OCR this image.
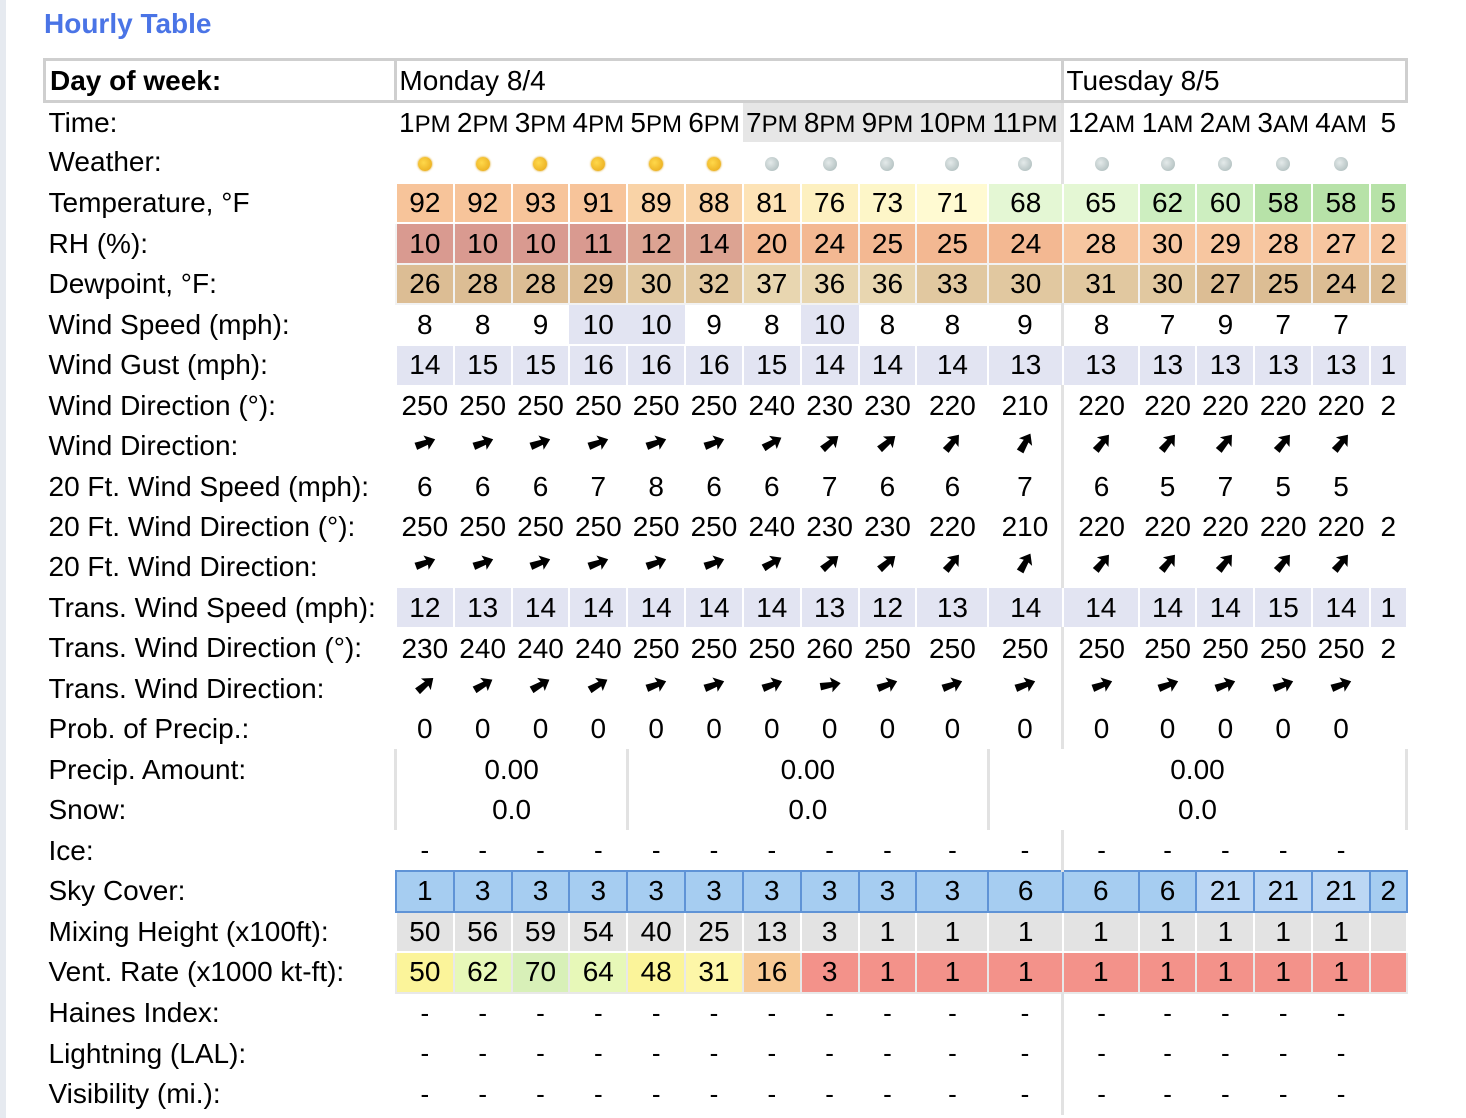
Hourly Table
Day of week:	Monday 8/4											Tuesday 8/5					
Time:	1PM	2PM	3PM	4PM	5PM	6PM	7PM	8PM	9PM	10PM	11PM	12AM	1AM	2AM	3AM	4AM	5
Weather:																	
Temperature, °F	92	92	93	91	89	88	81	76	73	71	68	65	62	60	58	58	5
RH (%):	10	10	10	11	12	14	20	24	25	25	24	28	30	29	28	27	2
Dewpoint, °F:	26	28	28	29	30	32	37	36	36	33	30	31	30	27	25	24	2
Wind Speed (mph):	8	8	9	10	10	9	8	10	8	8	9	8	7	9	7	7	
Wind Gust (mph):	14	15	15	16	16	16	15	14	14	14	13	13	13	13	13	13	1
Wind Direction (°):	250	250	250	250	250	250	240	230	230	220	210	220	220	220	220	220	2
Wind Direction:	

20 Ft. Wind Speed (mph):	6	6	6	7	8	6	6	7	6	6	7	6	5	7	5	5	
20 Ft. Wind Direction (°):	250	250	250	250	250	250	240	230	230	220	210	220	220	220	220	220	2
20 Ft. Wind Direction:	

Trans. Wind Speed (mph):	12	13	14	14	14	14	14	13	12	13	14	14	14	14	15	14	1
Trans. Wind Direction (°):	230	240	240	240	250	250	250	260	250	250	250	250	250	250	250	250	2
Trans. Wind Direction:	

Prob. of Precip.:	0	0	0	0	0	0	0	0	0	0	0	0	0	0	0	0	
Precip. Amount:	0.00				0.00						0.00						
Snow:	0.0				0.0						0.0						
Ice:	-	-	-	-	-	-	-	-	-	-	-	-	-	-	-	-	
Sky Cover:	1	3	3	3	3	3	3	3	3	3	6	6	6	21	21	21	2
Mixing Height (x100ft):	50	56	59	54	40	25	13	3	1	1	1	1	1	1	1	1	
Vent. Rate (x1000 kt-ft):	50	62	70	64	48	31	16	3	1	1	1	1	1	1	1	1	
Haines Index:	-	-	-	-	-	-	-	-	-	-	-	-	-	-	-	-	
Lightning (LAL):	-	-	-	-	-	-	-	-	-	-	-	-	-	-	-	-	
Visibility (mi.):	-	-	-	-	-	-	-	-	-	-	-	-	-	-	-	-	
